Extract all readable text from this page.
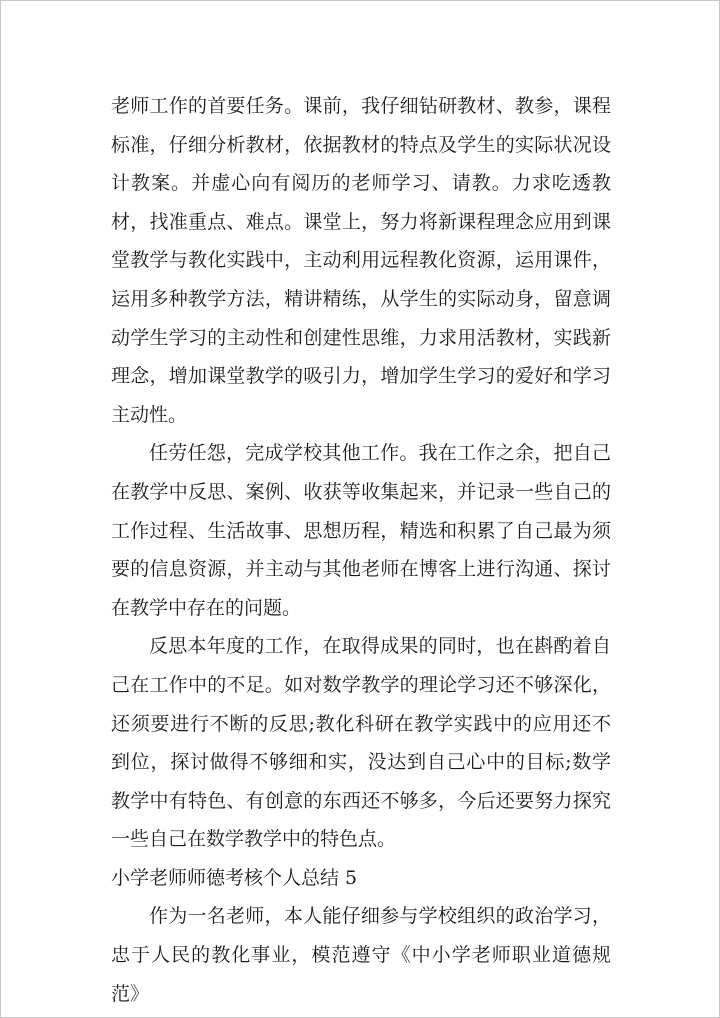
老师工作的首要任务。课前，我仔细钻研教材、教参，课程标准，仔细分析教材，依据教材的特点及学生的实际状况设计教案。并虚心向有阅历的老师学习、请教。力求吃透教材，找准重点、难点。课堂上，努力将新课程理念应用到课堂教学与教化实践中，主动利用远程教化资源，运用课件，运用多种教学方法，精讲精练，从学生的实际动身，留意调动学生学习的主动性和创建性思维，力求用活教材，实践新理念，增加课堂教学的吸引力，增加学生学习的爱好和学习主动性。

任劳任怨，完成学校其他工作。我在工作之余，把自己在教学中反思、案例、收获等收集起来，并记录一些自己的工作过程、生活故事、思想历程，精选和积累了自己最为须要的信息资源，并主动与其他老师在博客上进行沟通、探讨在教学中存在的问题。

反思本年度的工作，在取得成果的同时，也在斟酌着自己在工作中的不足。如对数学教学的理论学习还不够深化，还须要进行不断的反思;教化科研在教学实践中的应用还不到位，探讨做得不够细和实，没达到自己心中的目标;数学教学中有特色、有创意的东西还不够多，今后还要努力探究一些自己在数学教学中的特色点。

小学老师师德考核个人总结 5

作为一名老师，本人能仔细参与学校组织的政治学习，忠于人民的教化事业，模范遵守《中小学老师职业道德规范》
